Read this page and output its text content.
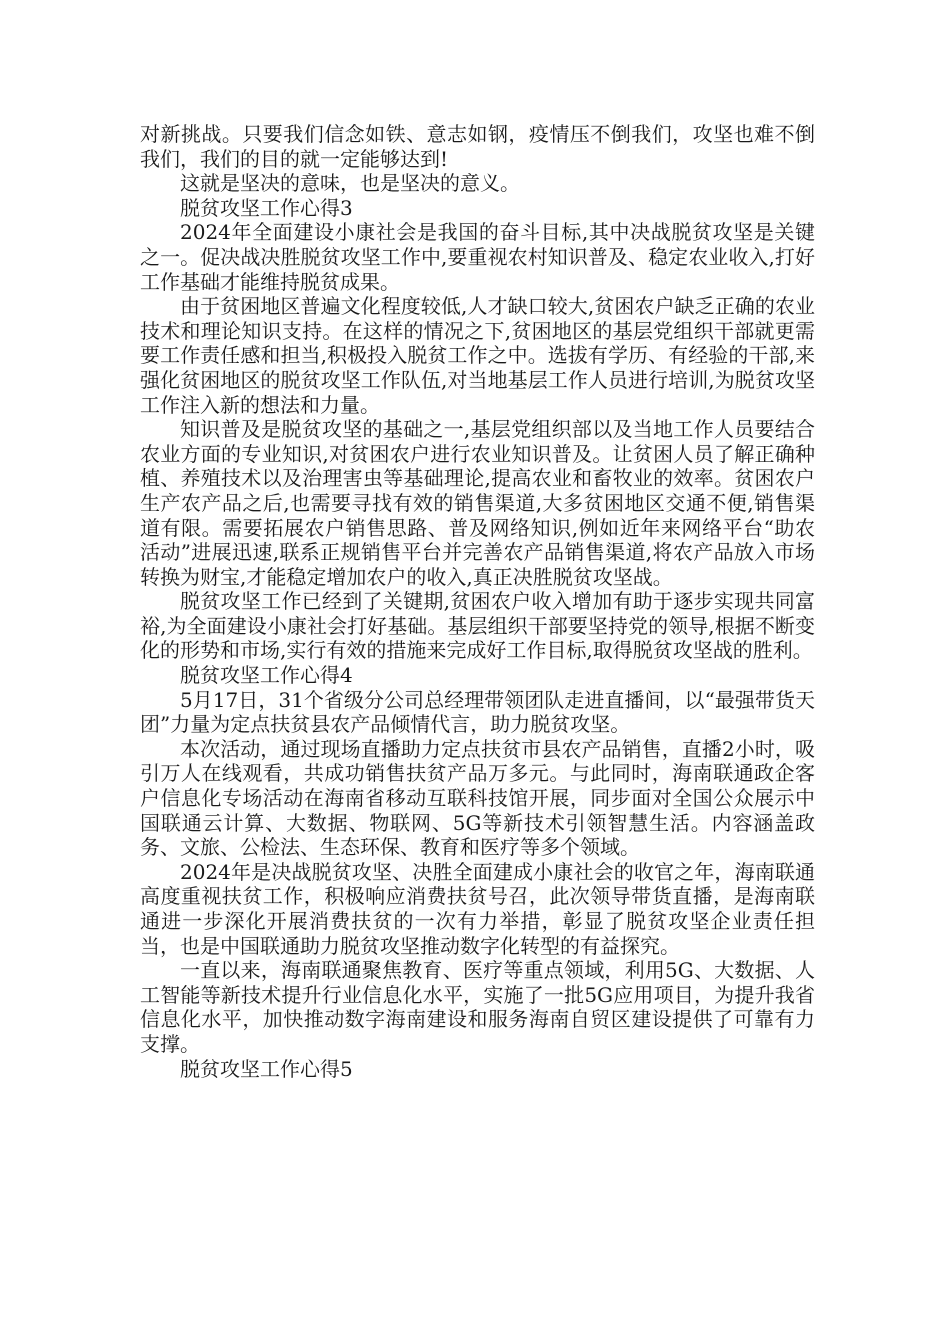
对新挑战。只要我们信念如铁、意志如钢，疫情压不倒我们，攻坚也难不倒我们，我们的目的就一定能够达到!

这就是坚决的意味，也是坚决的意义。

脱贫攻坚工作心得3

2024年全面建设小康社会是我国的奋斗目标,其中决战脱贫攻坚是关键之一。促决战决胜脱贫攻坚工作中,要重视农村知识普及、稳定农业收入,打好工作基础才能维持脱贫成果。

由于贫困地区普遍文化程度较低,人才缺口较大,贫困农户缺乏正确的农业技术和理论知识支持。在这样的情况之下,贫困地区的基层党组织干部就更需要工作责任感和担当,积极投入脱贫工作之中。选拔有学历、有经验的干部,来强化贫困地区的脱贫攻坚工作队伍,对当地基层工作人员进行培训,为脱贫攻坚工作注入新的想法和力量。

知识普及是脱贫攻坚的基础之一,基层党组织部以及当地工作人员要结合农业方面的专业知识,对贫困农户进行农业知识普及。让贫困人员了解正确种植、养殖技术以及治理害虫等基础理论,提高农业和畜牧业的效率。贫困农户生产农产品之后,也需要寻找有效的销售渠道,大多贫困地区交通不便,销售渠道有限。需要拓展农户销售思路、普及网络知识,例如近年来网络平台“助农活动”进展迅速,联系正规销售平台并完善农产品销售渠道,将农产品放入市场转换为财宝,才能稳定增加农户的收入,真正决胜脱贫攻坚战。

脱贫攻坚工作已经到了关键期,贫困农户收入增加有助于逐步实现共同富裕,为全面建设小康社会打好基础。基层组织干部要坚持党的领导,根据不断变化的形势和市场,实行有效的措施来完成好工作目标,取得脱贫攻坚战的胜利。

脱贫攻坚工作心得4

5月17日，31个省级分公司总经理带领团队走进直播间，以“最强带货天团”力量为定点扶贫县农产品倾情代言，助力脱贫攻坚。

本次活动，通过现场直播助力定点扶贫市县农产品销售，直播2小时，吸引万人在线观看，共成功销售扶贫产品万多元。与此同时，海南联通政企客户信息化专场活动在海南省移动互联科技馆开展，同步面对全国公众展示中国联通云计算、大数据、物联网、5G等新技术引领智慧生活。内容涵盖政务、文旅、公检法、生态环保、教育和医疗等多个领域。

2024年是决战脱贫攻坚、决胜全面建成小康社会的收官之年，海南联通高度重视扶贫工作，积极响应消费扶贫号召，此次领导带货直播，是海南联通进一步深化开展消费扶贫的一次有力举措，彰显了脱贫攻坚企业责任担当，也是中国联通助力脱贫攻坚推动数字化转型的有益探究。

一直以来，海南联通聚焦教育、医疗等重点领域，利用5G、大数据、人工智能等新技术提升行业信息化水平，实施了一批5G应用项目，为提升我省信息化水平，加快推动数字海南建设和服务海南自贸区建设提供了可靠有力支撑。

脱贫攻坚工作心得5
